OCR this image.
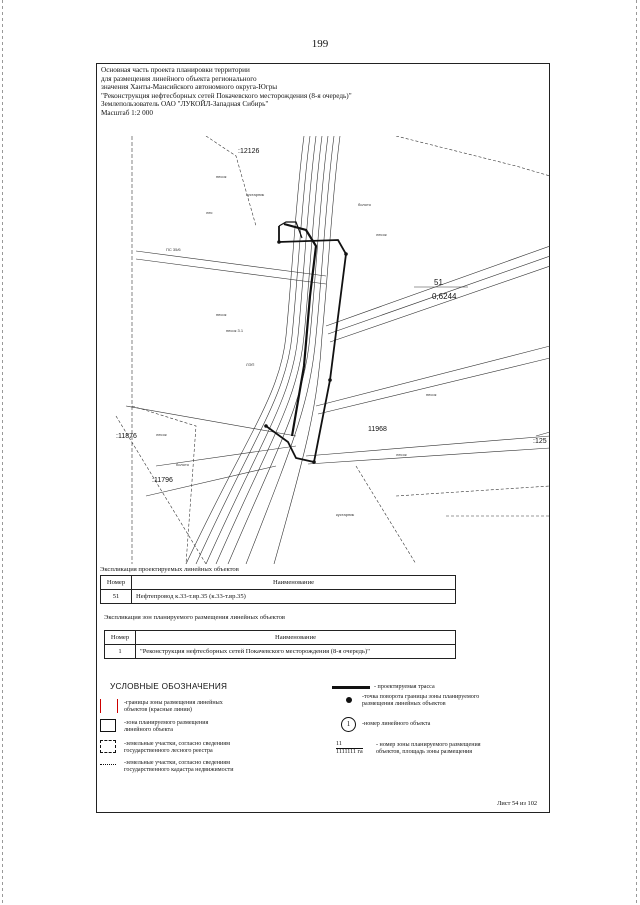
199
Основная часть проекта планировки территории
для размещения линейного объекта регионального
значения Ханты-Мансийского автономного округа-Югры
"Реконструкция нефтесборных сетей Покачевского месторождения (8-я очередь)"
Землепользователь ОАО "ЛУКОЙЛ-Западная Сибирь"
Масштаб 1:2 000
песок
кустарник
лес
болото
лесок
песок
песок 3.1
лесок
болото
лесок
кустарник
песок
ПС 35/6
ЛЭП
:12126
:11876
:11796
11968
:125
51
0,6244
Экспликация проектируемых линейных объектов
Номер	Наименование
51	Нефтепровод к.33-т.вр.35 (к.33-т.вр.35)
Экспликация зон планируемого размещения линейных объектов
Номер	Наименование
1	"Реконструкция нефтесборных сетей Покачевского месторождения (8-я очередь)"
УСЛОВНЫЕ ОБОЗНАЧЕНИЯ
-границы зоны размещения линейных
объектов (красные линии)
-зона планируемого размещения
линейного объекта
-земельные участки, согласно сведениям
государственного лесного реестра
-земельные участки, согласно сведениям
государственного кадастра недвижимости
- проектируемая трасса
-точка поворота границы зоны планируемого
размещения линейных объектов
1	-номер линейного объекта
11
1111111 га
- номер зоны планируемого размещения
объектов, площадь зоны размещения
Лист 54 из 102
